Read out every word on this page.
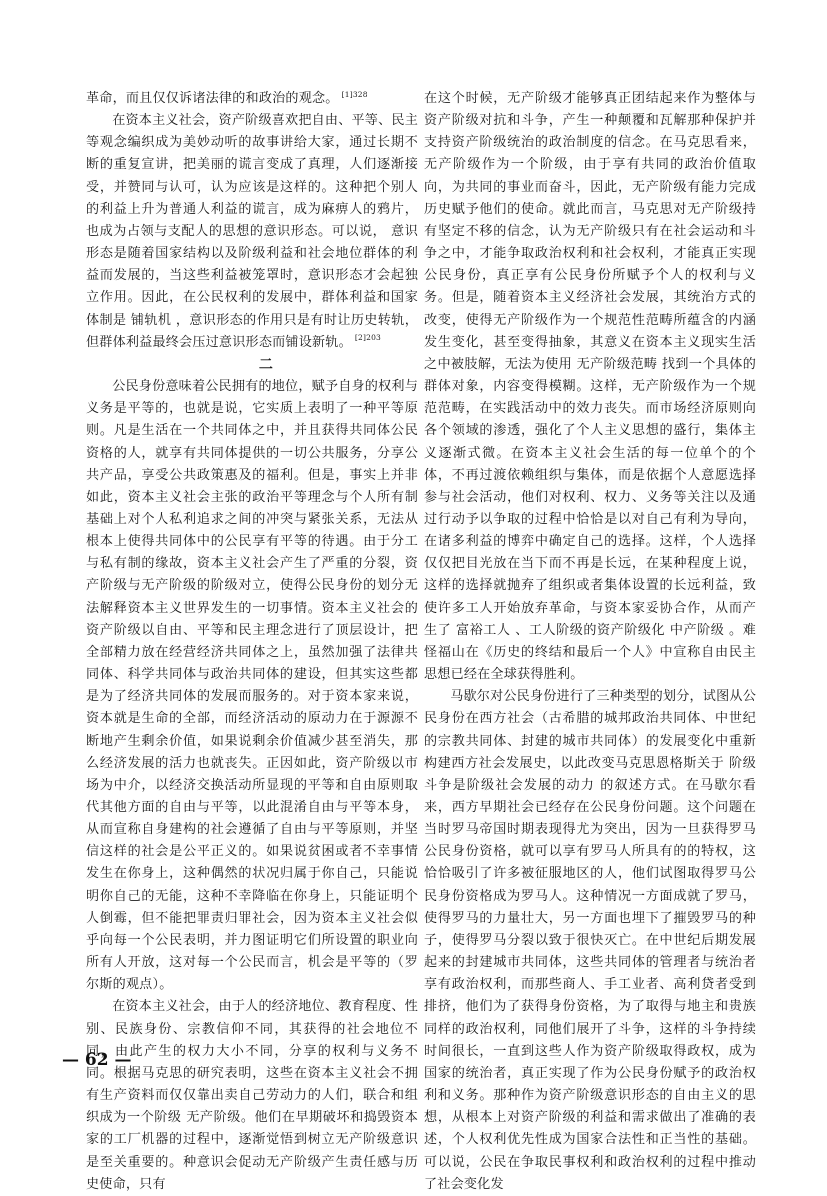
革命，而且仅仅诉诸法律的和政治的观念。 $^{[1]328}$

在资本主义社会，资产阶级喜欢把自由、平等、民主等观念编织成为美妙动听的故事讲给大家，通过长期不断的重复宣讲，把美丽的谎言变成了真理，人们逐渐接受，并赞同与认可，认为应该是这样的。这种把个别人的利益上升为普通人利益的谎言，成为麻痹人的鸦片，也成为占领与支配人的思想的意识形态。可以说， 意识形态是随着国家结构以及阶级利益和社会地位群体的利益而发展的，当这些利益被笼罩时，意识形态才会起独立作用。因此，在公民权利的发展中，群体利益和国家体制是 铺轨机 ，意识形态的作用只是有时让历史转轨，但群体利益最终会压过意识形态而铺设新轨。 $^{[2]203}$

二

公民身份意味着公民拥有的地位，赋予自身的权利与义务是平等的，也就是说，它实质上表明了一种平等原则。凡是生活在一个共同体之中，并且获得共同体公民资格的人，就享有共同体提供的一切公共服务，分享公共产品，享受公共政策惠及的福利。但是，事实上并非如此，资本主义社会主张的政治平等理念与个人所有制基础上对个人私利追求之间的冲突与紧张关系，无法从根本上使得共同体中的公民享有平等的待遇。由于分工与私有制的缘故，资本主义社会产生了严重的分裂，资产阶级与无产阶级的阶级对立，使得公民身份的划分无法解释资本主义世界发生的一切事情。资本主义社会的资产阶级以自由、平等和民主理念进行了顶层设计，把全部精力放在经营经济共同体之上，虽然加强了法律共同体、科学共同体与政治共同体的建设，但其实这些都是为了经济共同体的发展而服务的。对于资本家来说，资本就是生命的全部，而经济活动的原动力在于源源不断地产生剩余价值，如果说剩余价值减少甚至消失，那么经济发展的活力也就丧失。正因如此，资产阶级以市场为中介，以经济交换活动所显现的平等和自由原则取代其他方面的自由与平等，以此混淆自由与平等本身，从而宣称自身建构的社会遵循了自由与平等原则，并坚信这样的社会是公平正义的。如果说贫困或者不幸事情发生在你身上，这种偶然的状况归属于你自己，只能说明你自己的无能，这种不幸降临在你身上，只能证明个人倒霉，但不能把罪责归罪社会，因为资本主义社会似乎向每一个公民表明，并力图证明它们所设置的职业向所有人开放，这对每一个公民而言，机会是平等的（罗尔斯的观点）。

在资本主义社会，由于人的经济地位、教育程度、性别、民族身份、宗教信仰不同，其获得的社会地位不同，由此产生的权力大小不同，分享的权利与义务不同。根据马克思的研究表明，这些在资本主义社会不拥有生产资料而仅仅靠出卖自己劳动力的人们，联合和组织成为一个阶级 无产阶级。他们在早期破坏和捣毁资本家的工厂机器的过程中，逐渐觉悟到树立无产阶级意识是至关重要的。种意识会促动无产阶级产生责任感与历史使命，只有

在这个时候，无产阶级才能够真正团结起来作为整体与资产阶级对抗和斗争，产生一种颠覆和瓦解那种保护并支持资产阶级统治的政治制度的信念。在马克思看来，无产阶级作为一个阶级，由于享有共同的政治价值取向，为共同的事业而奋斗，因此，无产阶级有能力完成历史赋予他们的使命。就此而言，马克思对无产阶级持有坚定不移的信念，认为无产阶级只有在社会运动和斗争之中，才能争取政治权利和社会权利，才能真正实现公民身份，真正享有公民身份所赋予个人的权利与义务。但是，随着资本主义经济社会发展，其统治方式的改变，使得无产阶级作为一个规范性范畴所蕴含的内涵发生变化，甚至变得抽象，其意义在资本主义现实生活之中被肢解，无法为使用 无产阶级范畴 找到一个具体的群体对象，内容变得模糊。这样，无产阶级作为一个规范范畴，在实践活动中的效力丧失。而市场经济原则向各个领域的渗透，强化了个人主义思想的盛行，集体主义逐渐式微。在资本主义社会生活的每一位单个的个体，不再过渡依赖组织与集体，而是依据个人意愿选择参与社会活动，他们对权利、权力、义务等关注以及通过行动予以争取的过程中恰恰是以对自己有利为导向，在诸多利益的博弈中确定自己的选择。这样，个人选择仅仅把目光放在当下而不再是长远，在某种程度上说，这样的选择就抛弃了组织或者集体设置的长远利益，致使许多工人开始放弃革命，与资本家妥协合作，从而产生了 富裕工人 、工人阶级的资产阶级化 中产阶级 。难怪福山在《历史的终结和最后一个人》中宣称自由民主思想已经在全球获得胜利。

马歇尔对公民身份进行了三种类型的划分，试图从公民身份在西方社会（古希腊的城邦政治共同体、中世纪的宗教共同体、封建的城市共同体）的发展变化中重新构建西方社会发展史，以此改变马克思恩格斯关于 阶级斗争是阶级社会发展的动力 的叙述方式。在马歇尔看来，西方早期社会已经存在公民身份问题。这个问题在当时罗马帝国时期表现得尤为突出，因为一旦获得罗马公民身份资格，就可以享有罗马人所具有的的特权，这恰恰吸引了许多被征服地区的人，他们试图取得罗马公民身份资格成为罗马人。这种情况一方面成就了罗马，使得罗马的力量壮大，另一方面也埋下了摧毁罗马的种子，使得罗马分裂以致于很快灭亡。在中世纪后期发展起来的封建城市共同体，这些共同体的管理者与统治者享有政治权利，而那些商人、手工业者、高利贷者受到排挤，他们为了获得身份资格，为了取得与地主和贵族同样的政治权利，同他们展开了斗争，这样的斗争持续时间很长，一直到这些人作为资产阶级取得政权，成为国家的统治者，真正实现了作为公民身份赋予的政治权利和义务。那种作为资产阶级意识形态的自由主义的思想，从根本上对资产阶级的利益和需求做出了准确的表述，个人权利优先性成为国家合法性和正当性的基础。可以说，公民在争取民事权利和政治权利的过程中推动了社会变化发

— 62 —
